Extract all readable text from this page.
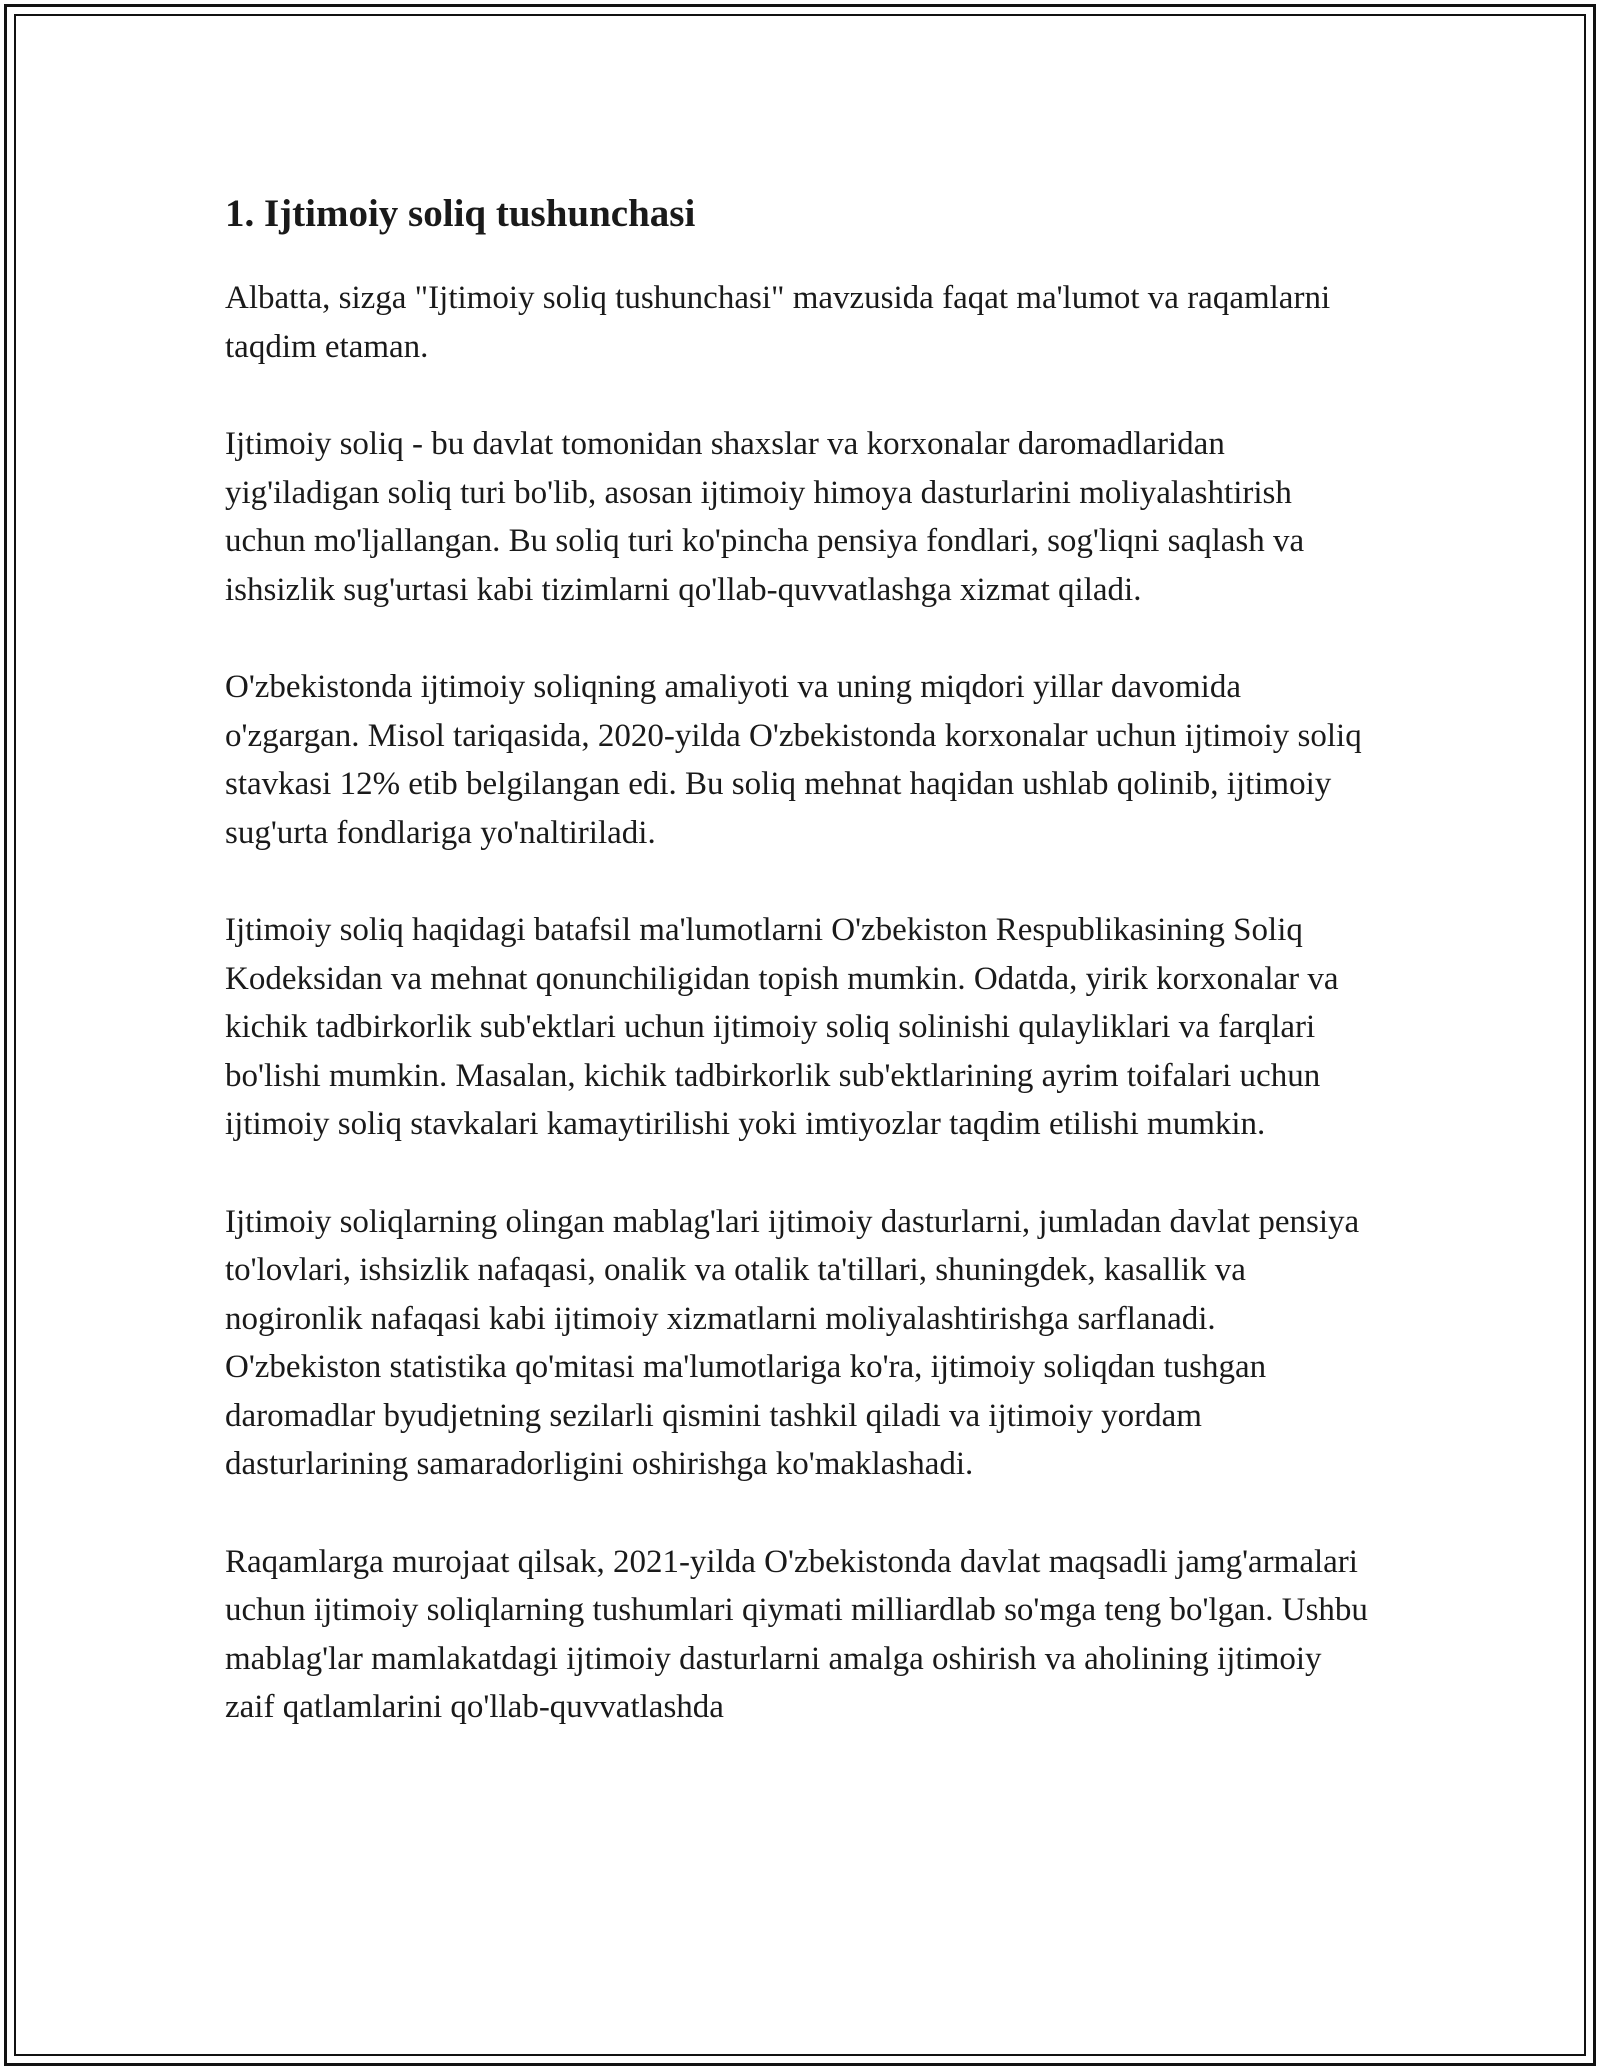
1. Ijtimoiy soliq tushunchasi

Albatta, sizga "Ijtimoiy soliq tushunchasi" mavzusida faqat ma'lumot va raqamlarni taqdim etaman.

Ijtimoiy soliq - bu davlat tomonidan shaxslar va korxonalar daromadlaridan yig'iladigan soliq turi bo'lib, asosan ijtimoiy himoya dasturlarini moliyalashtirish uchun mo'ljallangan. Bu soliq turi ko'pincha pensiya fondlari, sog'liqni saqlash va ishsizlik sug'urtasi kabi tizimlarni qo'llab-quvvatlashga xizmat qiladi.

O'zbekistonda ijtimoiy soliqning amaliyoti va uning miqdori yillar davomida o'zgargan. Misol tariqasida, 2020-yilda O'zbekistonda korxonalar uchun ijtimoiy soliq stavkasi 12% etib belgilangan edi. Bu soliq mehnat haqidan ushlab qolinib, ijtimoiy sug'urta fondlariga yo'naltiriladi.

Ijtimoiy soliq haqidagi batafsil ma'lumotlarni O'zbekiston Respublikasining Soliq Kodeksidan va mehnat qonunchiligidan topish mumkin. Odatda, yirik korxonalar va kichik tadbirkorlik sub'ektlari uchun ijtimoiy soliq solinishi qulayliklari va farqlari bo'lishi mumkin. Masalan, kichik tadbirkorlik sub'ektlarining ayrim toifalari uchun ijtimoiy soliq stavkalari kamaytirilishi yoki imtiyozlar taqdim etilishi mumkin.

Ijtimoiy soliqlarning olingan mablag'lari ijtimoiy dasturlarni, jumladan davlat pensiya to'lovlari, ishsizlik nafaqasi, onalik va otalik ta'tillari, shuningdek, kasallik va nogironlik nafaqasi kabi ijtimoiy xizmatlarni moliyalashtirishga sarflanadi. O'zbekiston statistika qo'mitasi ma'lumotlariga ko'ra, ijtimoiy soliqdan tushgan daromadlar byudjetning sezilarli qismini tashkil qiladi va ijtimoiy yordam dasturlarining samaradorligini oshirishga ko'maklashadi.

Raqamlarga murojaat qilsak, 2021-yilda O'zbekistonda davlat maqsadli jamg'armalari uchun ijtimoiy soliqlarning tushumlari qiymati milliardlab so'mga teng bo'lgan. Ushbu mablag'lar mamlakatdagi ijtimoiy dasturlarni amalga oshirish va aholining ijtimoiy zaif qatlamlarini qo'llab-quvvatlashda
